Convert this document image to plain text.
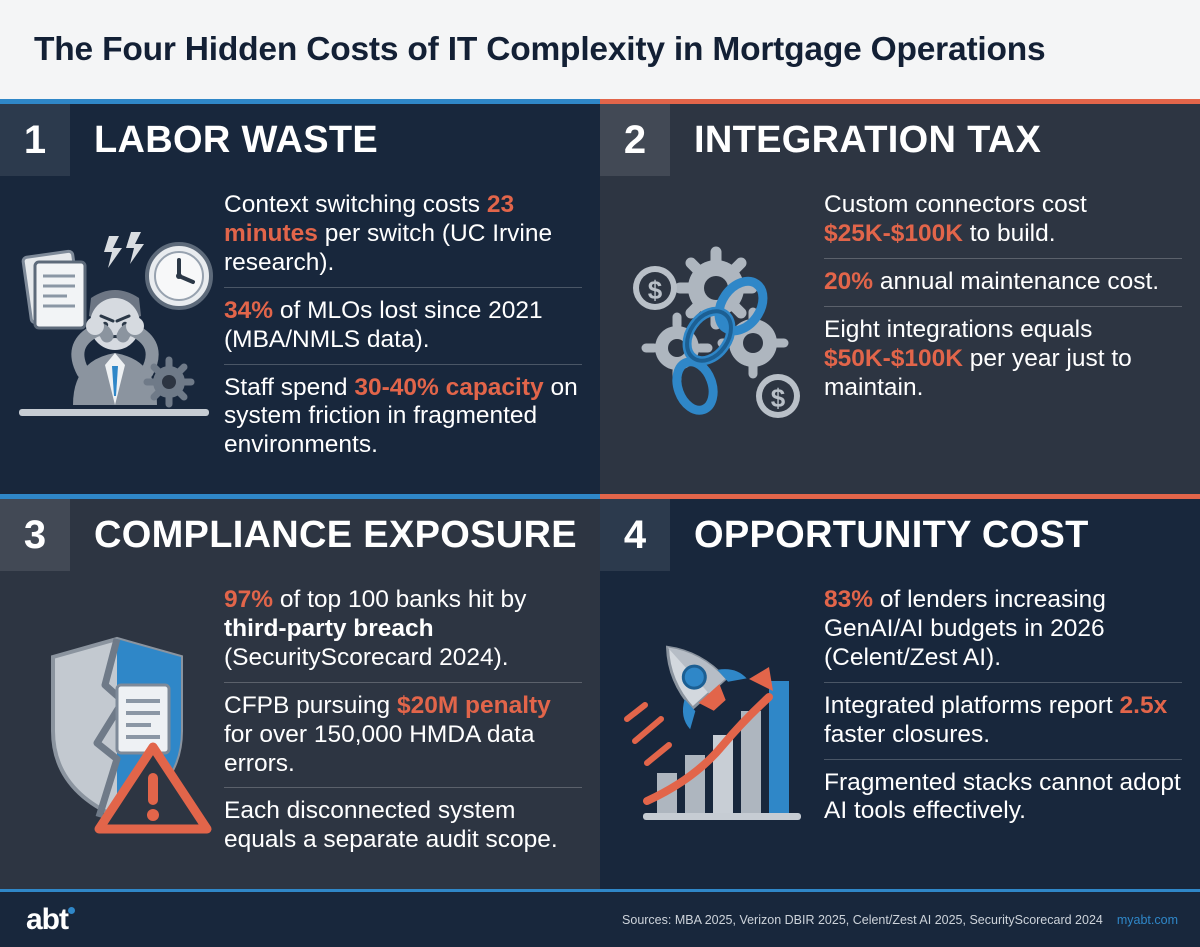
The Four Hidden Costs of IT Complexity in Mortgage Operations
1	LABOR WASTE
Context switching costs 23 minutes per switch (UC Irvine research).
34% of MLOs lost since 2021 (MBA/NMLS data).
Staff spend 30-40% capacity on system friction in fragmented environments.
2	INTEGRATION TAX
$
$
Custom connectors cost $25K-$100K to build.
20% annual maintenance cost.
Eight integrations equals $50K-$100K per year just to maintain.
3	COMPLIANCE EXPOSURE
97% of top 100 banks hit by third-party breach (SecurityScorecard 2024).
CFPB pursuing $20M penalty for over 150,000 HMDA data errors.
Each disconnected system equals a separate audit scope.
4	OPPORTUNITY COST
83% of lenders increasing GenAI/AI budgets in 2026 (Celent/Zest AI).
Integrated platforms report 2.5x faster closures.
Fragmented stacks cannot adopt AI tools effectively.
abt	Sources: MBA 2025, Verizon DBIR 2025, Celent/Zest AI 2025, SecurityScorecard 2024	myabt.com
